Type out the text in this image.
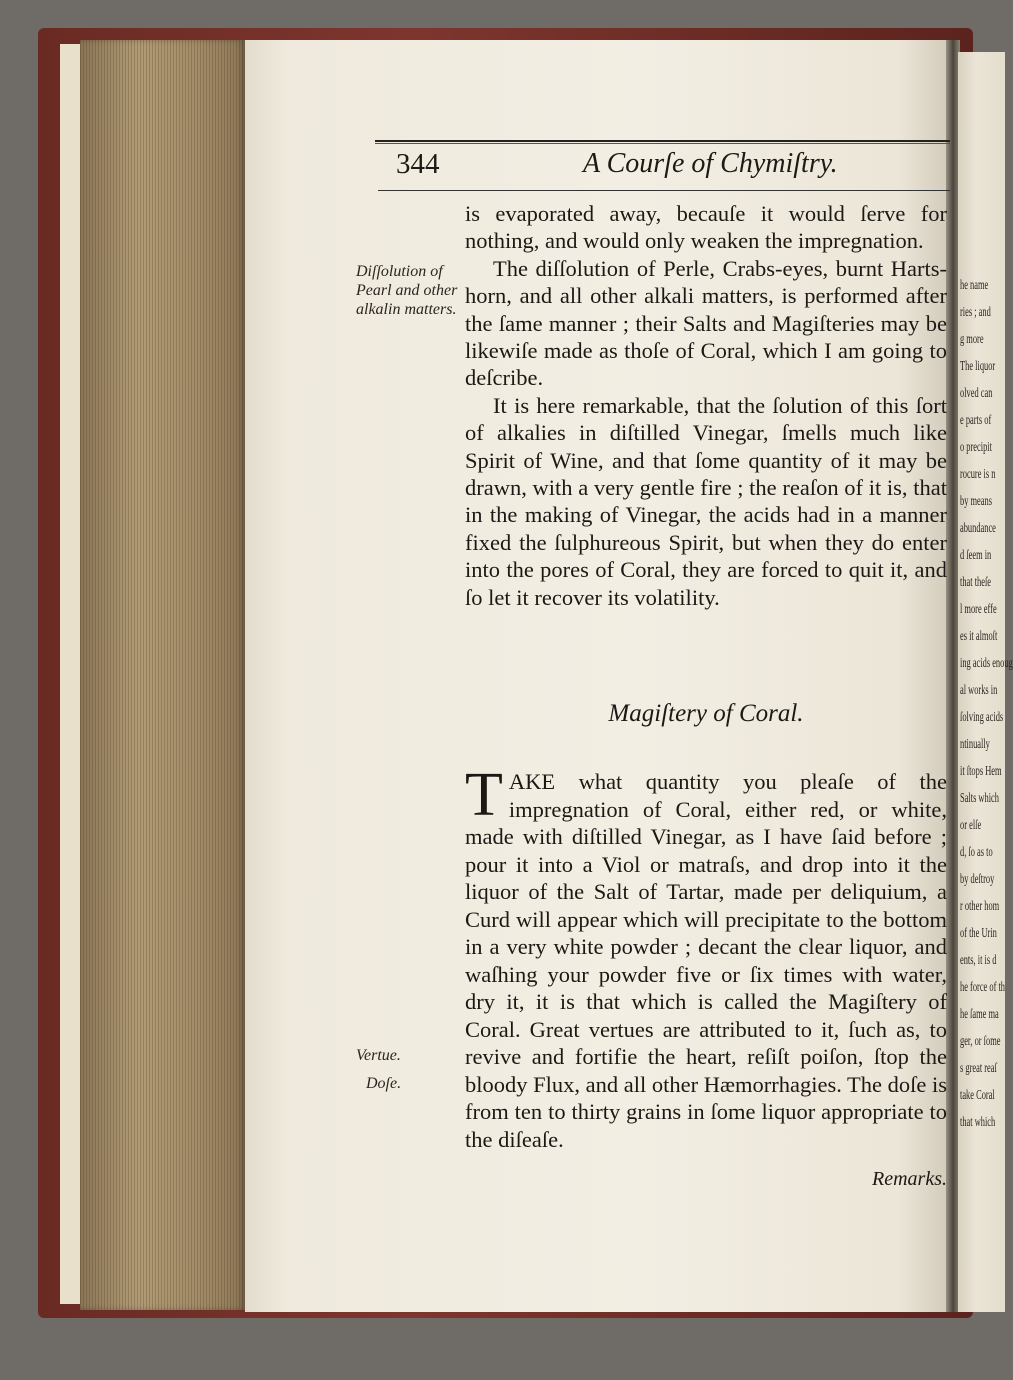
he name
ries ; and
g more
The liquor
olved can
e parts of
o precipit
rocure is n
by means
abundance
d ſeem in
that theſe
l more effe
es it almoſt
ing acids enoug
al works in
ſolving acids
ntinually
it ſtops Hem
Salts which
or elſe
d, ſo as to
by deſtroy
r other hom
of the Urin
ents, it is d
he force of th
he ſame ma
ger, or ſome
s great reaſ
take Coral
that which
344	A Courſe of Chymiſtry.
Diſſolution of Pearl and other alkalin matters.
Vertue.
Doſe.

is evaporated away, becauſe it would ſerve for nothing, and would only weaken the impregnation.

The diſſolution of Perle, Crabs-eyes, burnt Harts-horn, and all other alkali matters, is performed after the ſame manner ; their Salts and Magiſteries may be likewiſe made as thoſe of Coral, which I am going to deſcribe.

It is here remarkable, that the ſolution of this ſort of alkalies in diſtilled Vinegar, ſmells much like Spirit of Wine, and that ſome quantity of it may be drawn, with a very gentle fire ; the reaſon of it is, that in the making of Vinegar, the acids had in a manner fixed the ſulphureous Spirit, but when they do enter into the pores of Coral, they are forced to quit it, and ſo let it recover its volatility.

Magiſtery of Coral.
TAKE what quantity you pleaſe of the impregnation of Coral, either red, or white, made with diſtilled Vinegar, as I have ſaid before ; pour it into a Viol or matraſs, and drop into it the liquor of the Salt of Tartar, made per deliquium, a Curd will appear which will precipitate to the bottom in a very white powder ; decant the clear liquor, and waſhing your powder five or ſix times with water, dry it, it is that which is called the Magiſtery of Coral. Great vertues are attributed to it, ſuch as, to revive and fortifie the heart, reſiſt poiſon, ſtop the bloody Flux, and all other Hæmorrhagies. The doſe is from ten to thirty grains in ſome liquor appropriate to the diſeaſe.
Remarks.
